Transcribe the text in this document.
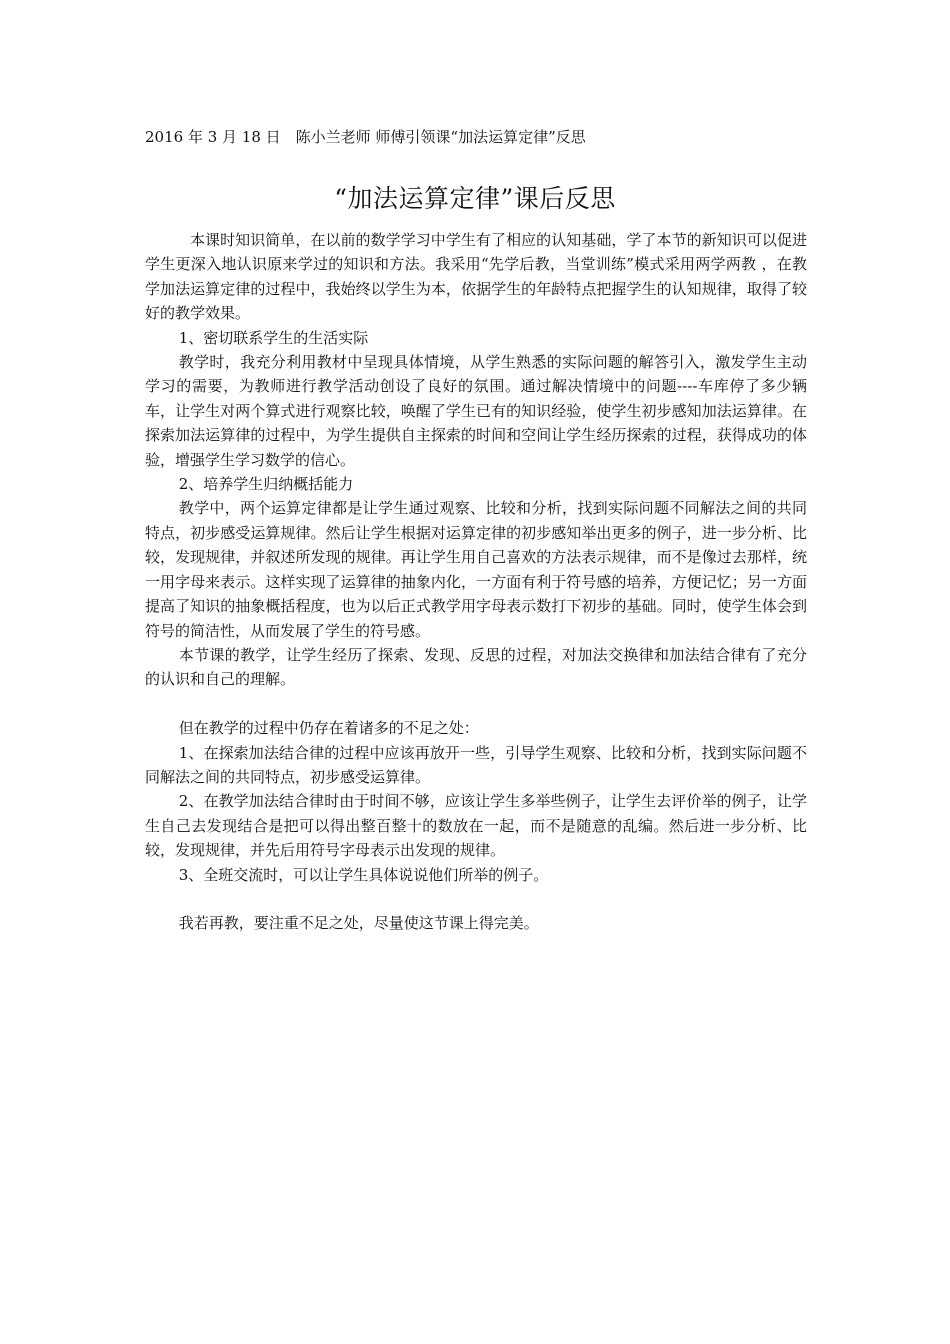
2016 年 3 月 18 日　陈小兰老师 师傅引领课“加法运算定律”反思
“加法运算定律”课后反思

本课时知识简单，在以前的数学学习中学生有了相应的认知基础，学了本节的新知识可以促进学生更深入地认识原来学过的知识和方法。我采用“先学后教，当堂训练”模式采用两学两教 ，在教学加法运算定律的过程中，我始终以学生为本，依据学生的年龄特点把握学生的认知规律，取得了较好的教学效果。

1、密切联系学生的生活实际

教学时，我充分利用教材中呈现具体情境，从学生熟悉的实际问题的解答引入，激发学生主动学习的需要，为教师进行教学活动创设了良好的氛围。通过解决情境中的问题----车库停了多少辆车，让学生对两个算式进行观察比较，唤醒了学生已有的知识经验，使学生初步感知加法运算律。在探索加法运算律的过程中，为学生提供自主探索的时间和空间让学生经历探索的过程，获得成功的体验，增强学生学习数学的信心。

2、培养学生归纳概括能力

教学中，两个运算定律都是让学生通过观察、比较和分析，找到实际问题不同解法之间的共同特点，初步感受运算规律。然后让学生根据对运算定律的初步感知举出更多的例子，进一步分析、比较，发现规律，并叙述所发现的规律。再让学生用自己喜欢的方法表示规律，而不是像过去那样，统一用字母来表示。这样实现了运算律的抽象内化，一方面有利于符号感的培养，方便记忆；另一方面提高了知识的抽象概括程度，也为以后正式教学用字母表示数打下初步的基础。同时，使学生体会到符号的简洁性，从而发展了学生的符号感。

本节课的教学，让学生经历了探索、发现、反思的过程，对加法交换律和加法结合律有了充分的认识和自己的理解。

但在教学的过程中仍存在着诸多的不足之处：

1、在探索加法结合律的过程中应该再放开一些，引导学生观察、比较和分析，找到实际问题不同解法之间的共同特点，初步感受运算律。

2、在教学加法结合律时由于时间不够，应该让学生多举些例子，让学生去评价举的例子，让学生自己去发现结合是把可以得出整百整十的数放在一起，而不是随意的乱编。然后进一步分析、比较，发现规律，并先后用符号字母表示出发现的规律。

3、全班交流时，可以让学生具体说说他们所举的例子。

我若再教，要注重不足之处，尽量使这节课上得完美。
